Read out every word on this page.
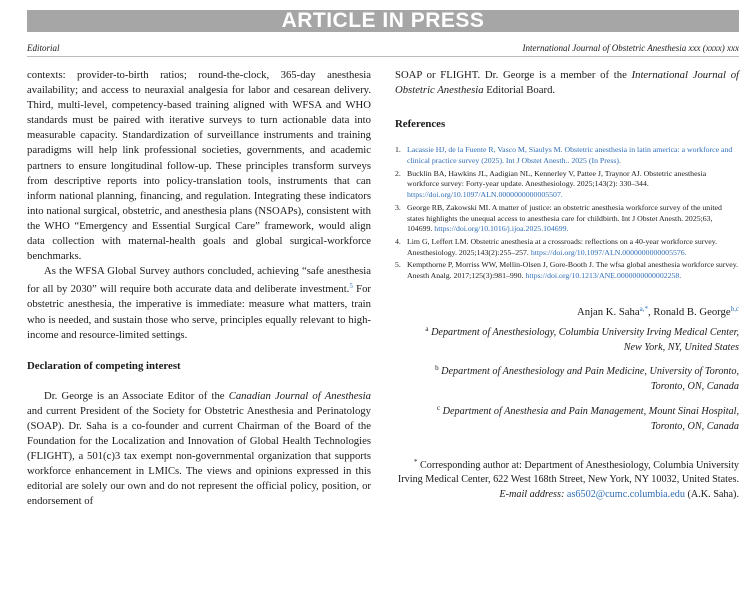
ARTICLE IN PRESS
Editorial	International Journal of Obstetric Anesthesia xxx (xxxx) xxx

contexts: provider-to-birth ratios; round-the-clock, 365-day anesthesia availability; and access to neuraxial analgesia for labor and cesarean delivery. Third, multi-level, competency-based training aligned with WFSA and WHO standards must be paired with iterative surveys to turn actionable data into measurable capacity. Standardization of surveillance instruments and training paradigms will help link professional societies, governments, and academic partners to ensure longitudinal follow-up. These principles transform surveys from descriptive reports into policy-translation tools, instruments that can inform national planning, financing, and regulation. Integrating these indicators into national surgical, obstetric, and anesthesia plans (NSOAPs), consistent with the WHO “Emergency and Essential Surgical Care” framework, would align data collection with maternal-health goals and global surgical-workforce benchmarks.

As the WFSA Global Survey authors concluded, achieving “safe anesthesia for all by 2030” will require both accurate data and deliberate investment.$^5$ For obstetric anesthesia, the imperative is immediate: measure what matters, train who is needed, and sustain those who serve, principles equally relevant to high-income and resource-limited settings.

Declaration of competing interest

Dr. George is an Associate Editor of the Canadian Journal of Anesthesia and current President of the Society for Obstetric Anesthesia and Perinatology (SOAP). Dr. Saha is a co-founder and current Chairman of the Board of the Foundation for the Localization and Innovation of Global Health Technologies (FLIGHT), a 501(c)3 tax exempt non-governmental organization that supports workforce enhancement in LMICs. The views and opinions expressed in this editorial are solely our own and do not represent the official policy, position, or endorsement of

SOAP or FLIGHT. Dr. George is a member of the International Journal of Obstetric Anesthesia Editorial Board.

References
1. Lacassie HJ, de la Fuente R, Vasco M, Siaulys M. Obstetric anesthesia in latin america: a workforce and clinical practice survey (2025). Int J Obstet Anesth.. 2025 (In Press).
2. Bucklin BA, Hawkins JL, Aadigian NL, Kennerley V, Pattee J, Traynor AJ. Obstetric anesthesia workforce survey: Forty-year update. Anesthesiology. 2025;143(2): 330–344. https://doi.org/10.1097/ALN.0000000000005507.
3. George RB, Zakowski MI. A matter of justice: an obstetric anesthesia workforce survey of the united states highlights the unequal access to anesthesia care for childbirth. Int J Obstet Anesth. 2025;63, 104699. https://doi.org/10.1016/j.ijoa.2025.104699.
4. Lim G, Leffert LM. Obstetric anesthesia at a crossroads: reflections on a 40-year workforce survey. Anesthesiology. 2025;143(2):255–257. https://doi.org/10.1097/ALN.0000000000005576.
5. Kempthorne P, Morriss WW, Mellin-Olsen J, Gore-Booth J. The wfsa global anesthesia workforce survey. Anesth Analg. 2017;125(3):981–990. https://doi.org/10.1213/ANE.0000000000002258.
Anjan K. Saha$^{a,*}$, Ronald B. George$^{b,c}$
$^a$ Department of Anesthesiology, Columbia University Irving Medical Center,
New York, NY, United States
$^b$ Department of Anesthesiology and Pain Medicine, University of Toronto,
Toronto, ON, Canada
$^c$ Department of Anesthesia and Pain Management, Mount Sinai Hospital,
Toronto, ON, Canada
* Corresponding author at: Department of Anesthesiology, Columbia University Irving Medical Center, 622 West 168th Street, New York, NY 10032, United States.
E-mail address: as6502@cumc.columbia.edu (A.K. Saha).
